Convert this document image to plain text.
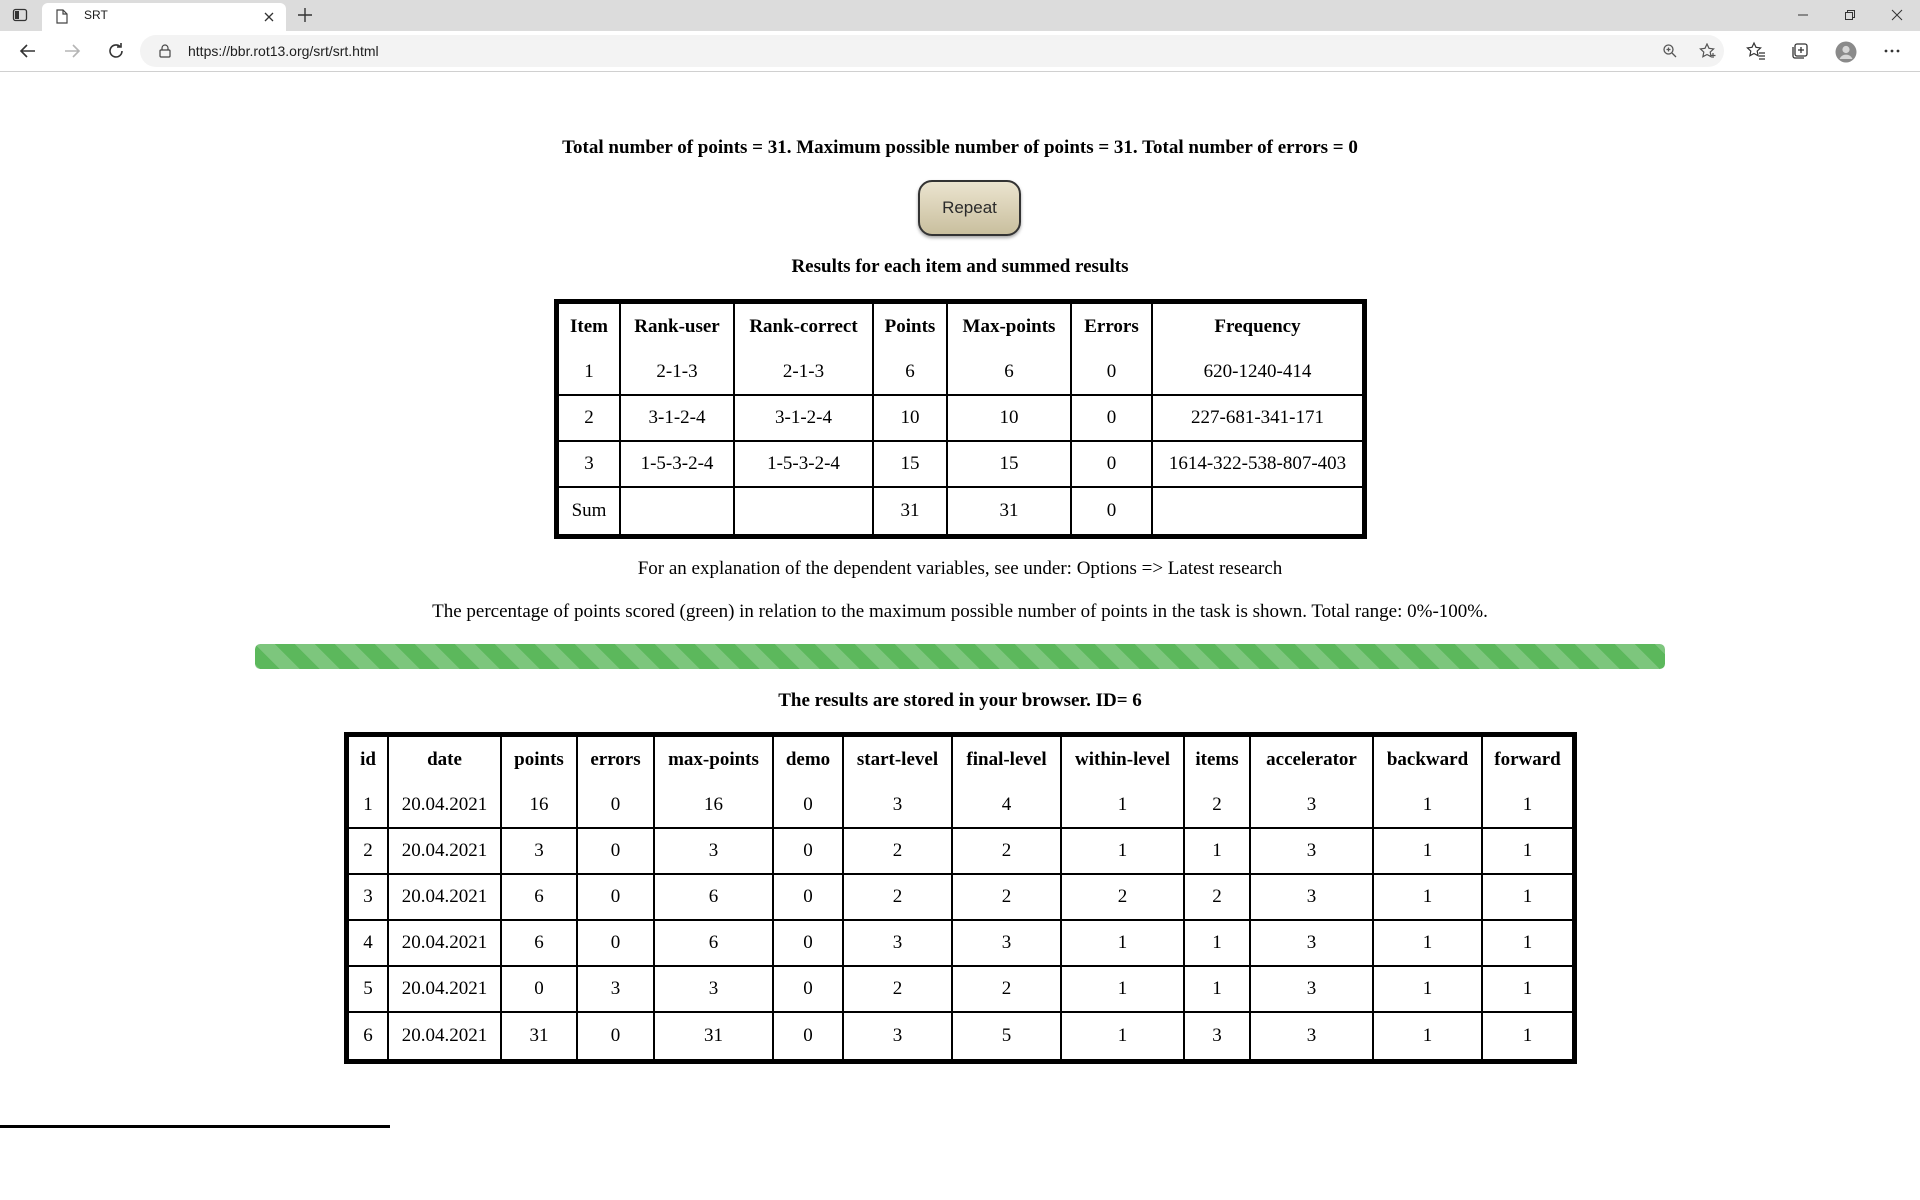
SRT
https://bbr.rot13.org/srt/srt.html
Total number of points = 31. Maximum possible number of points = 31. Total number of errors = 0
Repeat
Results for each item and summed results
Item	Rank-user	Rank-correct	Points	Max-points	Errors	Frequency
1	2-1-3	2-1-3	6	6	0	620-1240-414
2	3-1-2-4	3-1-2-4	10	10	0	227-681-341-171
3	1-5-3-2-4	1-5-3-2-4	15	15	0	1614-322-538-807-403
Sum			31	31	0	
For an explanation of the dependent variables, see under: Options => Latest research
The percentage of points scored (green) in relation to the maximum possible number of points in the task is shown. Total range: 0%-100%.
The results are stored in your browser. ID= 6
id	date	points	errors	max-points	demo	start-level	final-level	within-level	items	accelerator	backward	forward
1	20.04.2021	16	0	16	0	3	4	1	2	3	1	1
2	20.04.2021	3	0	3	0	2	2	1	1	3	1	1
3	20.04.2021	6	0	6	0	2	2	2	2	3	1	1
4	20.04.2021	6	0	6	0	3	3	1	1	3	1	1
5	20.04.2021	0	3	3	0	2	2	1	1	3	1	1
6	20.04.2021	31	0	31	0	3	5	1	3	3	1	1
